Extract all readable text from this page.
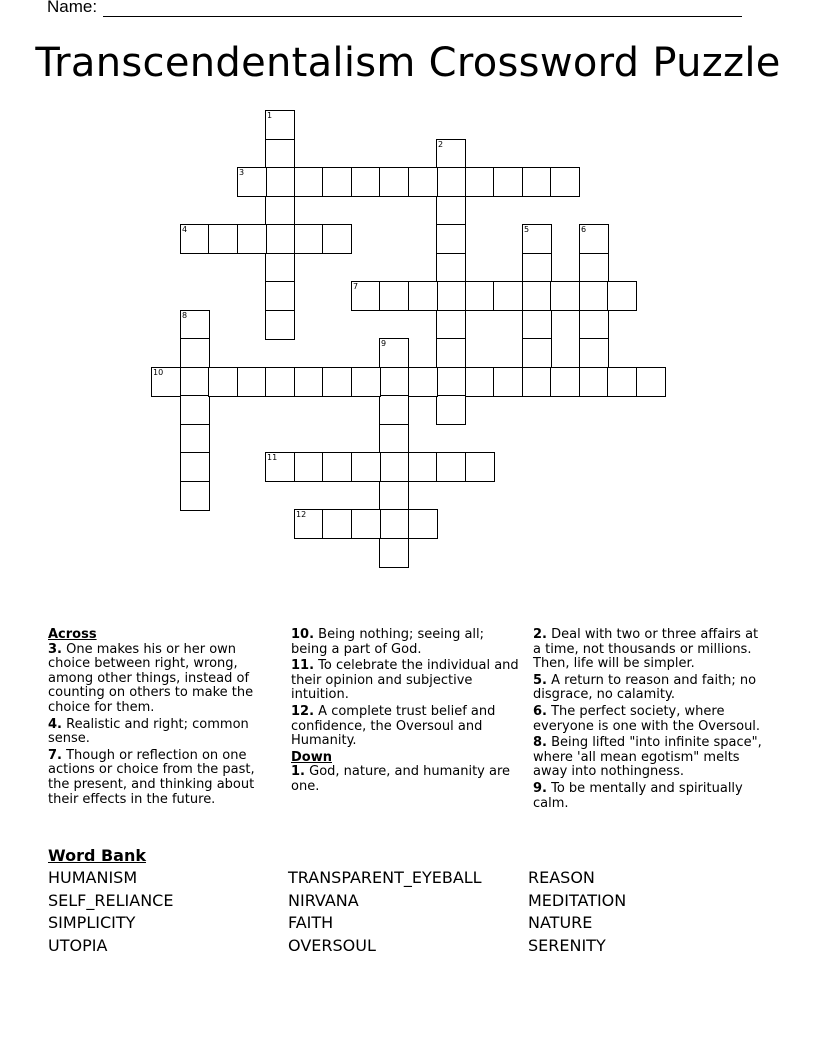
Name:
Transcendentalism Crossword Puzzle
1
2
3
4	5	6
7
8
9
10
11
12
Across
3. One makes his or her own choice between right, wrong, among other things, instead of counting on others to make the choice for them.
4. Realistic and right; common sense.
7. Though or reflection on one actions or choice from the past, the present, and thinking about their effects in the future.
10. Being nothing; seeing all; being a part of God.
11. To celebrate the individual and their opinion and subjective intuition.
12. A complete trust belief and confidence, the Oversoul and Humanity.
Down
1. God, nature, and humanity are one.
2. Deal with two or three affairs at a time, not thousands or millions. Then, life will be simpler.
5. A return to reason and faith; no disgrace, no calamity.
6. The perfect society, where everyone is one with the Oversoul.
8. Being lifted "into infinite space", where 'all mean egotism" melts away into nothingness.
9. To be mentally and spiritually calm.
Word Bank
HUMANISM	TRANSPARENT_EYEBALL	REASON
SELF_RELIANCE	NIRVANA	MEDITATION
SIMPLICITY	FAITH	NATURE
UTOPIA	OVERSOUL	SERENITY
